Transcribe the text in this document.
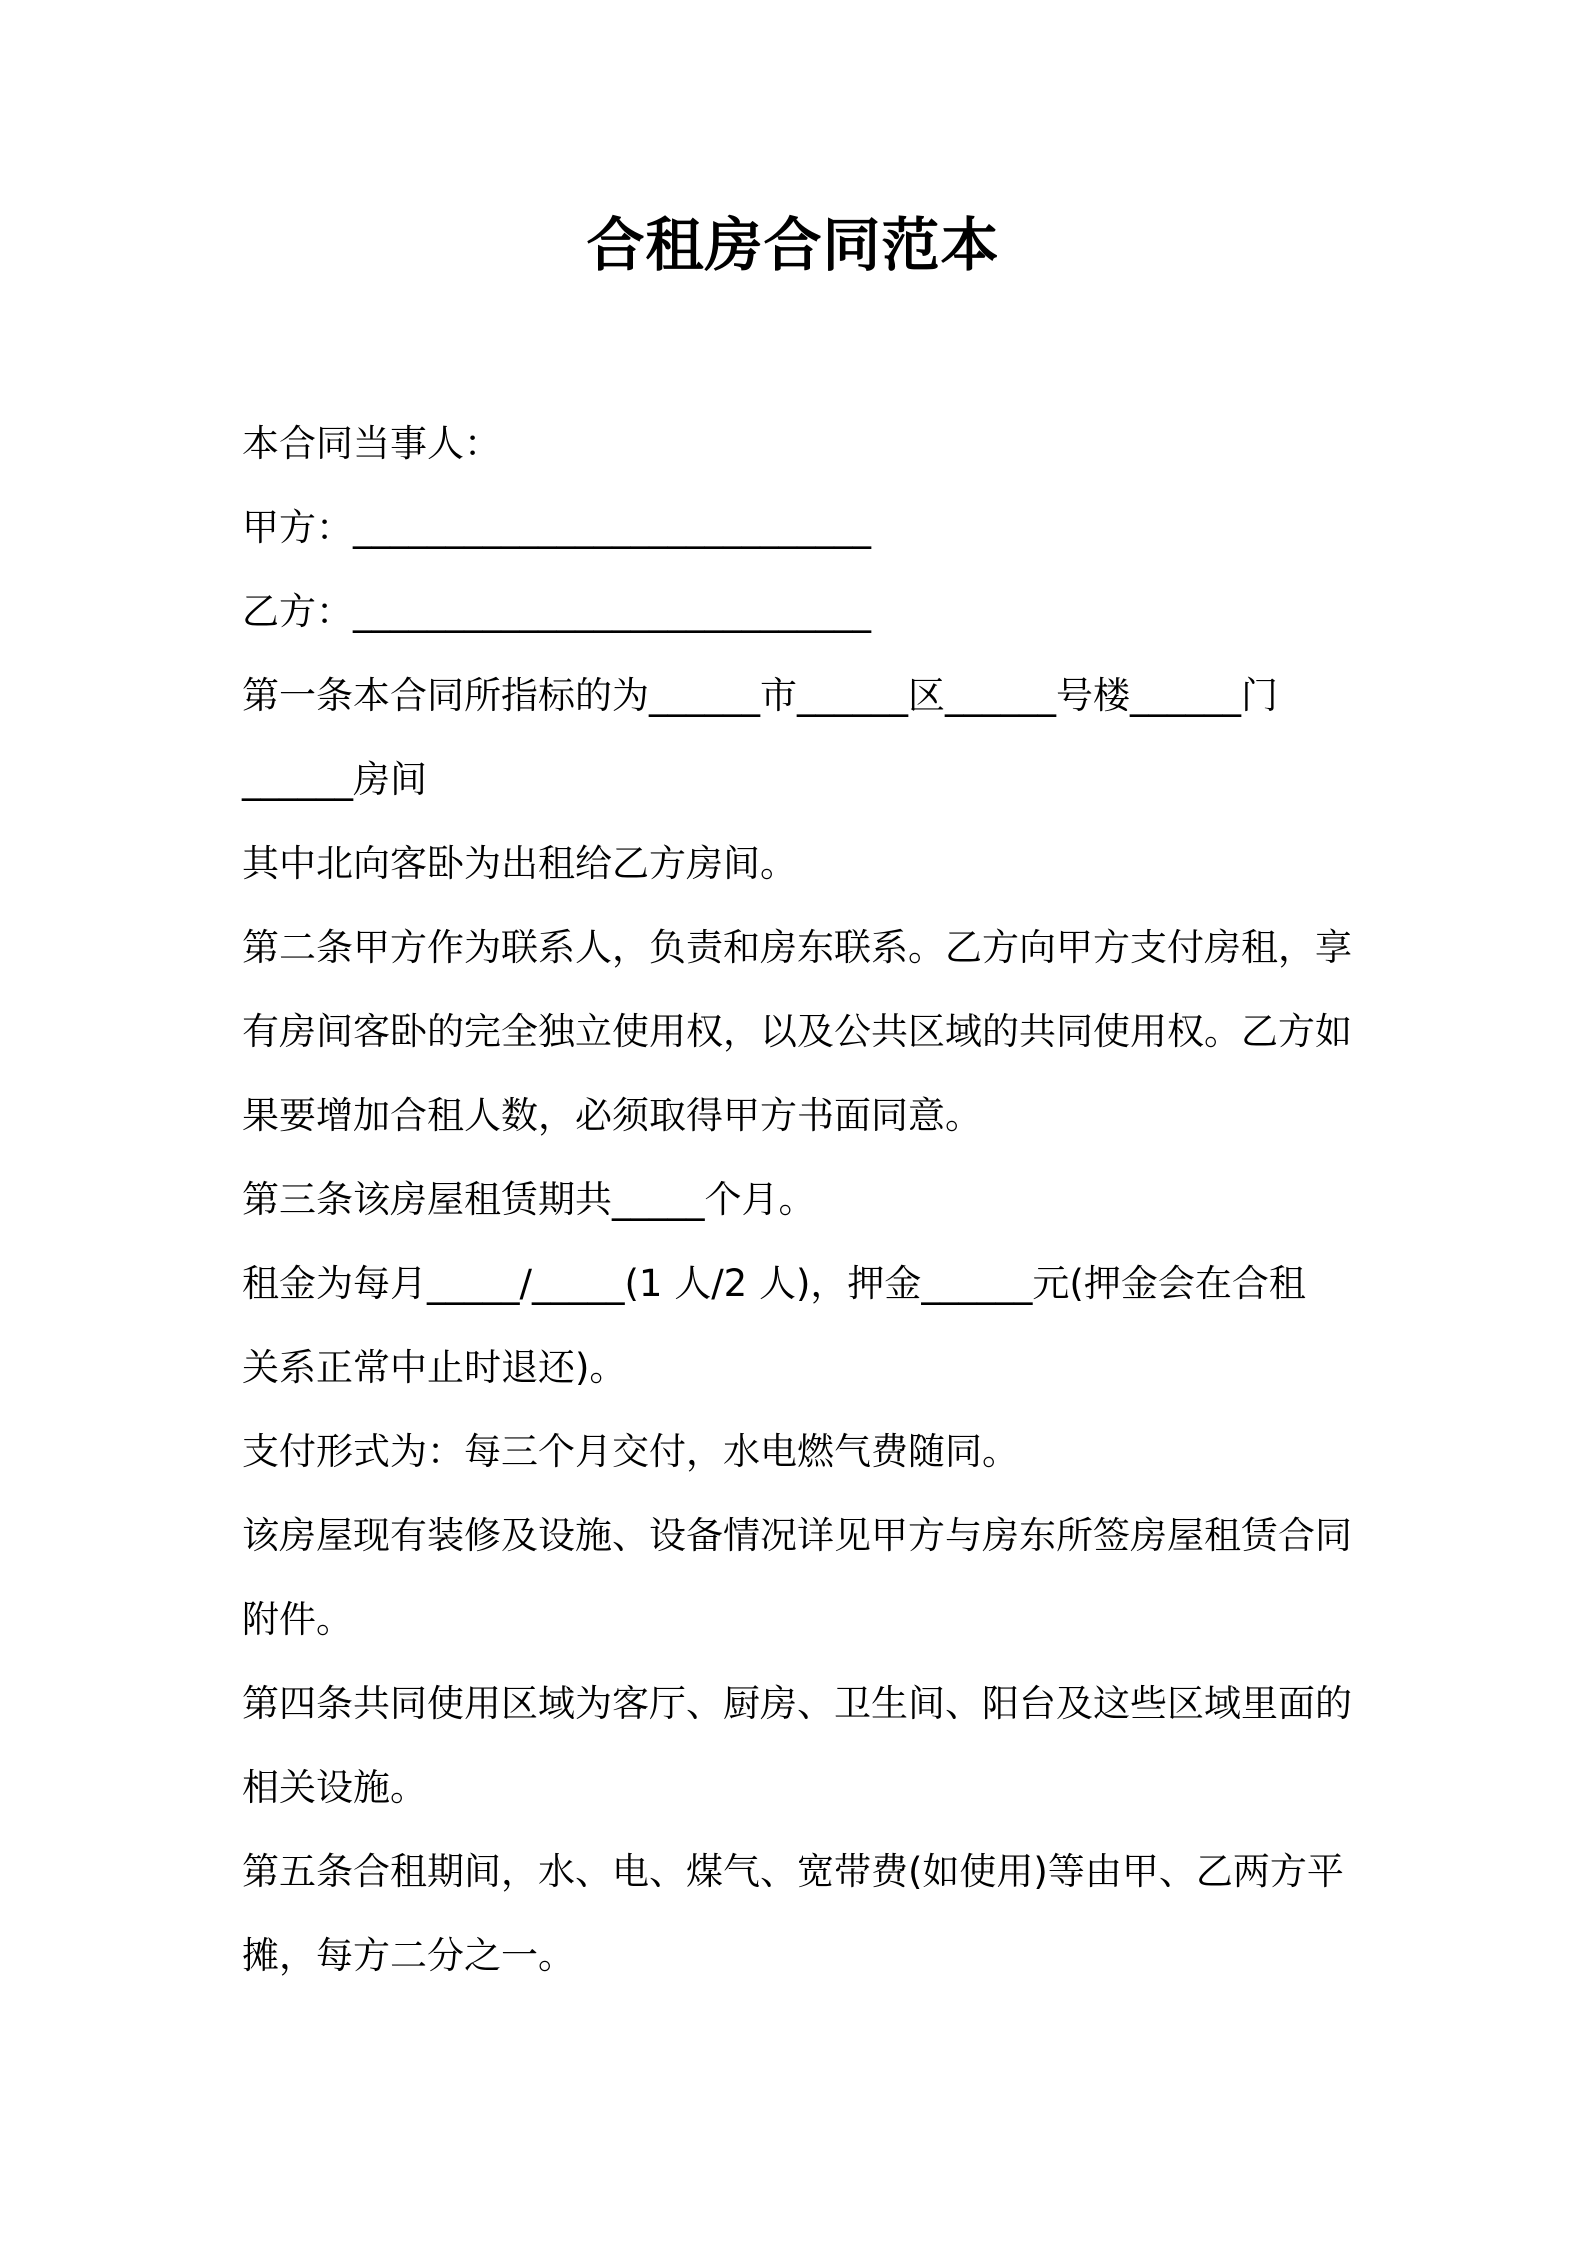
合租房合同范本

本合同当事人：

甲方：____________________________

乙方：____________________________

第一条本合同所指标的为______市______区______号楼______门

______房间

其中北向客卧为出租给乙方房间。

第二条甲方作为联系人，负责和房东联系。乙方向甲方支付房租，享

有房间客卧的完全独立使用权，以及公共区域的共同使用权。乙方如

果要增加合租人数，必须取得甲方书面同意。

第三条该房屋租赁期共_____个月。

租金为每月_____/_____(1 人/2 人)，押金______元(押金会在合租

关系正常中止时退还)。

支付形式为：每三个月交付，水电燃气费随同。

该房屋现有装修及设施、设备情况详见甲方与房东所签房屋租赁合同

附件。

第四条共同使用区域为客厅、厨房、卫生间、阳台及这些区域里面的

相关设施。

第五条合租期间，水、电、煤气、宽带费(如使用)等由甲、乙两方平

摊，每方二分之一。
